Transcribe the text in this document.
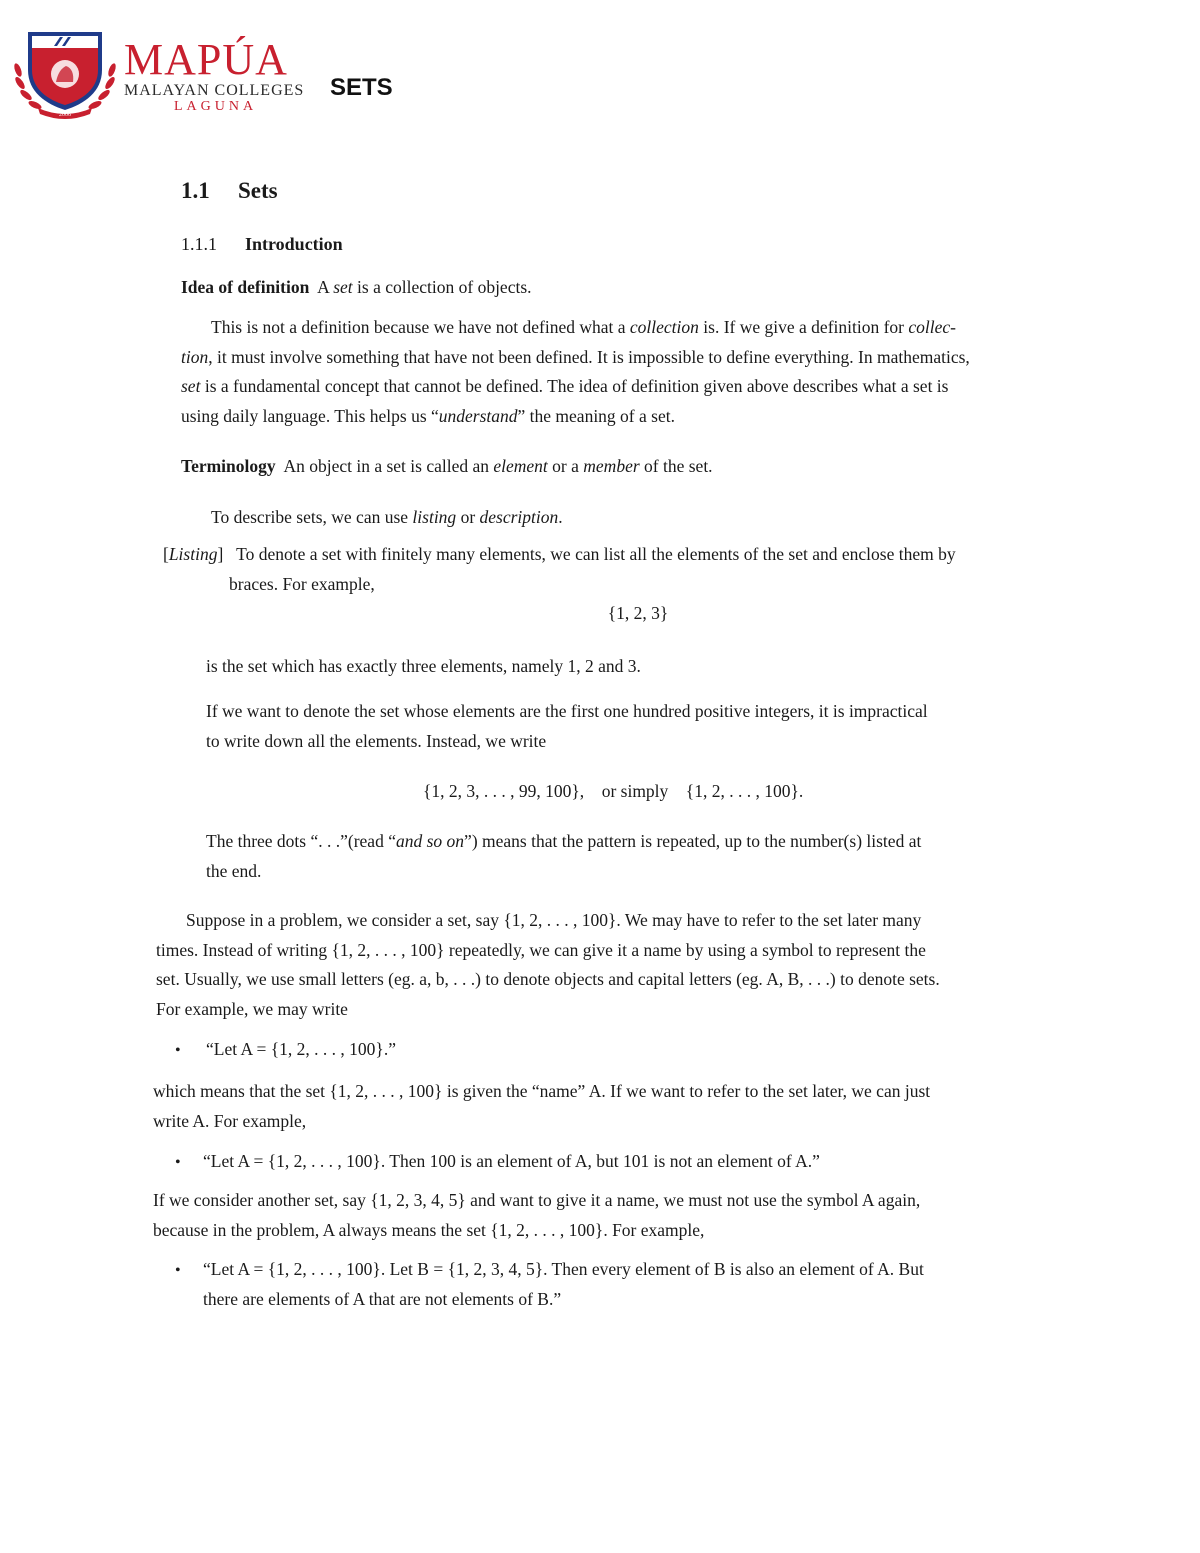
2006
MAPÚA
MALAYAN COLLEGES
LAGUNA
SETS
1.1 Sets
1.1.1 Introduction
Idea of definition A set is a collection of objects.
This is not a definition because we have not defined what a collection is. If we give a definition for collec-
tion, it must involve something that have not been defined. It is impossible to define everything. In mathematics,
set is a fundamental concept that cannot be defined. The idea of definition given above describes what a set is
using daily language. This helps us “understand” the meaning of a set.
Terminology An object in a set is called an element or a member of the set.
To describe sets, we can use listing or description.
[Listing]   To denote a set with finitely many elements, we can list all the elements of the set and enclose them by
braces. For example,
{1, 2, 3}
is the set which has exactly three elements, namely 1, 2 and 3.
If we want to denote the set whose elements are the first one hundred positive integers, it is impractical
to write down all the elements. Instead, we write
{1, 2, 3, . . . , 99, 100}, or simply {1, 2, . . . , 100}.
The three dots “. . .”(read “and so on”) means that the pattern is repeated, up to the number(s) listed at
the end.
Suppose in a problem, we consider a set, say {1, 2, . . . , 100}. We may have to refer to the set later many
times. Instead of writing {1, 2, . . . , 100} repeatedly, we can give it a name by using a symbol to represent the
set. Usually, we use small letters (eg. a, b, . . .) to denote objects and capital letters (eg. A, B, . . .) to denote sets.
For example, we may write
• “Let A = {1, 2, . . . , 100}.”
which means that the set {1, 2, . . . , 100} is given the “name” A. If we want to refer to the set later, we can just
write A. For example,
• “Let A = {1, 2, . . . , 100}. Then 100 is an element of A, but 101 is not an element of A.”
If we consider another set, say {1, 2, 3, 4, 5} and want to give it a name, we must not use the symbol A again,
because in the problem, A always means the set {1, 2, . . . , 100}. For example,
• “Let A = {1, 2, . . . , 100}. Let B = {1, 2, 3, 4, 5}. Then every element of B is also an element of A. But
there are elements of A that are not elements of B.”
